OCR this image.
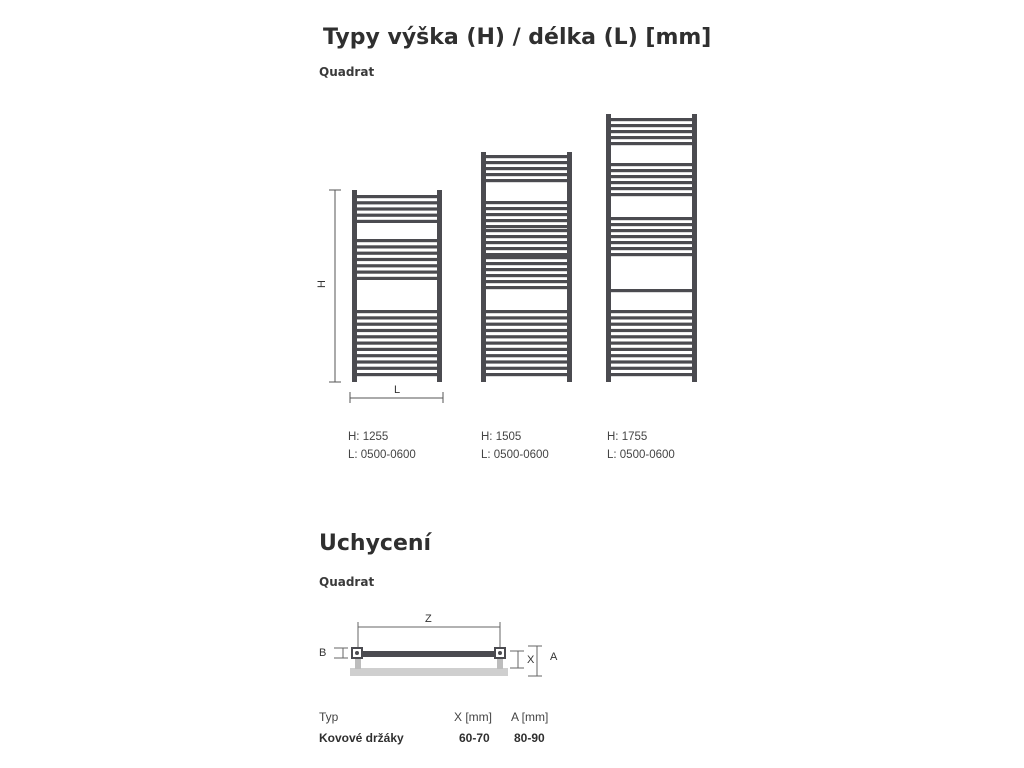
Typy výška (H) / délka (L) [mm]
Quadrat
H
L
H: 1255
L: 0500-0600
H: 1505
L: 0500-0600
H: 1755
L: 0500-0600
Uchycení
Quadrat
Z
B
X A
Typ	X [mm] A [mm]
Kovové držáky	60-70 80-90
